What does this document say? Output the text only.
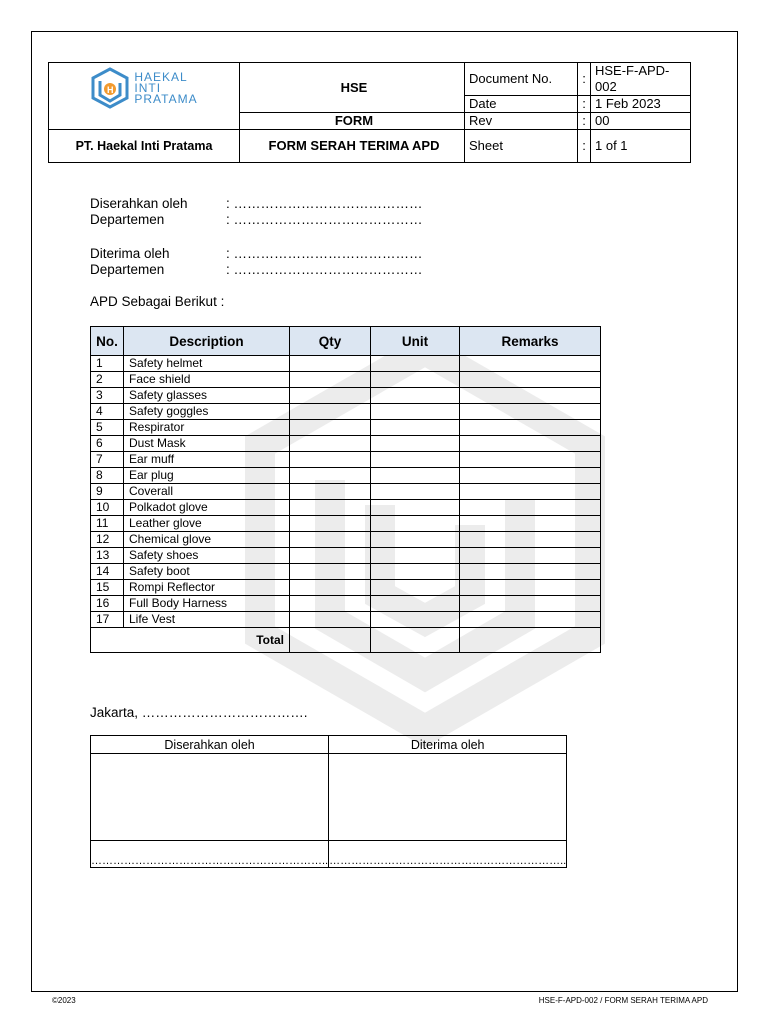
H
HAEKAL
INTI
PRATAMA	HSE	Document No.	:	HSE-F-APD-002
		Date	:	1 Feb 2023
	FORM	Rev	:	00
PT. Haekal Inti Pratama	FORM SERAH TERIMA APD	Sheet	:	1 of 1
Diserahkan oleh	: ……………………………………
Departemen	: ……………………………………
Diterima oleh	: ……………………………………
Departemen	: ……………………………………
APD Sebagai Berikut :
No.	Description	Qty	Unit	Remarks
1	Safety helmet			
2	Face shield			
3	Safety glasses			
4	Safety goggles			
5	Respirator			
6	Dust Mask			
7	Ear muff			
8	Ear plug			
9	Coverall			
10	Polkadot glove			
11	Leather glove			
12	Chemical glove			
13	Safety shoes			
14	Safety boot			
15	Rompi Reflector			
16	Full Body Harness			
17	Life Vest			
Total				
Jakarta, ……………………………….
Diserahkan oleh	Diterima oleh

………………………………………………………..	………………………………………………………..
©2023	HSE-F-APD-002 / FORM SERAH TERIMA APD
